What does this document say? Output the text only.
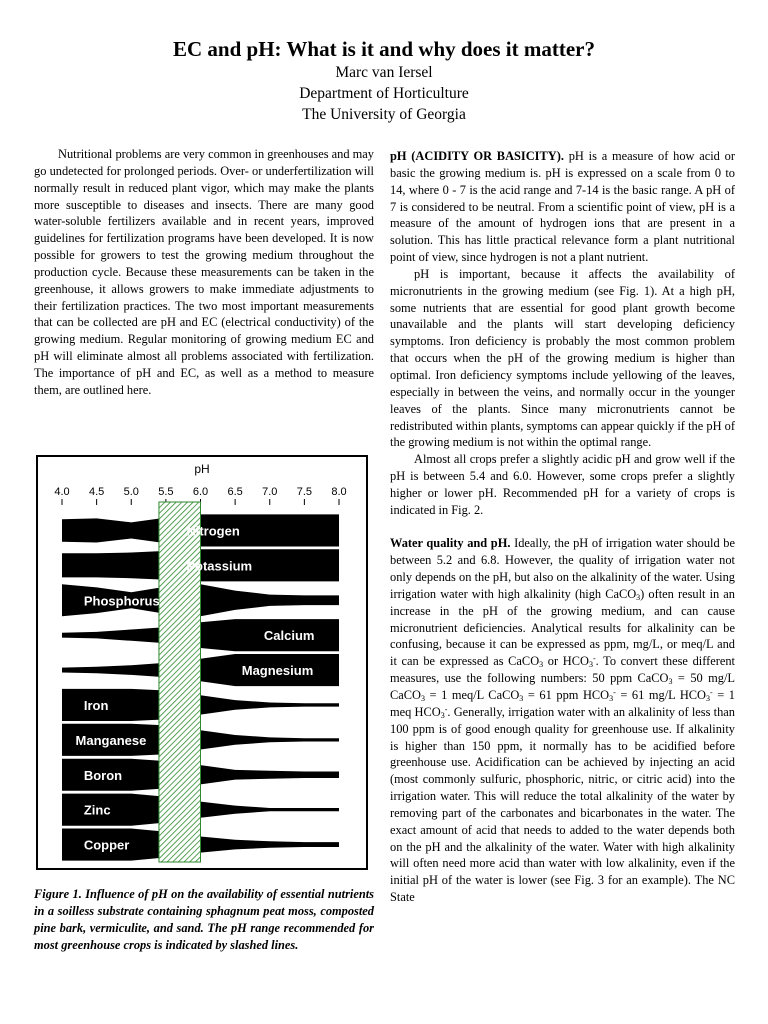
EC and pH: What is it and why does it matter?

Marc van Iersel

Department of Horticulture

The University of Georgia

Nutritional problems are very common in greenhouses and may go undetected for prolonged periods. Over- or underfertilization will normally result in reduced plant vigor, which may make the plants more susceptible to diseases and insects. There are many good water-soluble fertilizers available and in recent years, improved guidelines for fertilization programs have been developed. It is now possible for growers to test the growing medium throughout the production cycle. Because these measurements can be taken in the greenhouse, it allows growers to make immediate adjustments to their fertilization practices. The two most important measurements that can be collected are pH and EC (electrical conductivity) of the growing medium. Regular monitoring of growing medium EC and pH will eliminate almost all problems associated with fertilization. The importance of pH and EC, as well as a method to measure them, are outlined here.

pH
4.0 4.5 5.0 5.5 6.0 6.5 7.0 7.5 8.0
Nitrogen
Potassium
Phosphorus
Calcium
Magnesium
Iron
Manganese
Boron
Zinc
Copper
Figure 1. Influence of pH on the availability of essential nutrients in a soilless substrate containing sphagnum peat moss, composted pine bark, vermiculite, and sand. The pH range recommended for most greenhouse crops is indicated by slashed lines.

pH (ACIDITY OR BASICITY). pH is a measure of how acid or basic the growing medium is. pH is expressed on a scale from 0 to 14, where 0 - 7 is the acid range and 7-14 is the basic range. A pH of 7 is considered to be neutral. From a scientific point of view, pH is a measure of the amount of hydrogen ions that are present in a solution. This has little practical relevance form a plant nutritional point of view, since hydrogen is not a plant nutrient.

pH is important, because it affects the availability of micronutrients in the growing medium (see Fig. 1). At a high pH, some nutrients that are essential for good plant growth become unavailable and the plants will start developing deficiency symptoms. Iron deficiency is probably the most common problem that occurs when the pH of the growing medium is higher than optimal. Iron deficiency symptoms include yellowing of the leaves, especially in between the veins, and normally occur in the younger leaves of the plants. Since many micronutrients cannot be redistributed within plants, symptoms can appear quickly if the pH of the growing medium is not within the optimal range.

Almost all crops prefer a slightly acidic pH and grow well if the pH is between 5.4 and 6.0. However, some crops prefer a slightly higher or lower pH. Recommended pH for a variety of crops is indicated in Fig. 2.

Water quality and pH. Ideally, the pH of irrigation water should be between 5.2 and 6.8. However, the quality of irrigation water not only depends on the pH, but also on the alkalinity of the water. Using irrigation water with high alkalinity (high CaCO$_3$) often result in an increase in the pH of the growing medium, and can cause micronutrient deficiencies. Analytical results for alkalinity can be confusing, because it can be expressed as ppm, mg/L, or meq/L and it can be expressed as CaCO$_3$ or $HCO_3^-$. To convert these different measures, use the following numbers: 50 ppm CaCO$_3$ = 50 mg/L CaCO$_3$ = 1 meq/L CaCO$_3$ = 61 ppm $HCO_3^- = 61$ mg/L $HCO_3^- = 1$ meq $HCO_3^-$. Generally, irrigation water with an alkalinity of less than 100 ppm is of good enough quality for greenhouse use. If alkalinity is higher than 150 ppm, it normally has to be acidified before greenhouse use. Acidification can be achieved by injecting an acid (most commonly sulfuric, phosphoric, nitric, or citric acid) into the irrigation water. This will reduce the total alkalinity of the water by removing part of the carbonates and bicarbonates in the water. The exact amount of acid that needs to added to the water depends both on the pH and the alkalinity of the water. Water with high alkalinity will often need more acid than water with low alkalinity, even if the initial pH of the water is lower (see Fig. 3 for an example). The NC State
